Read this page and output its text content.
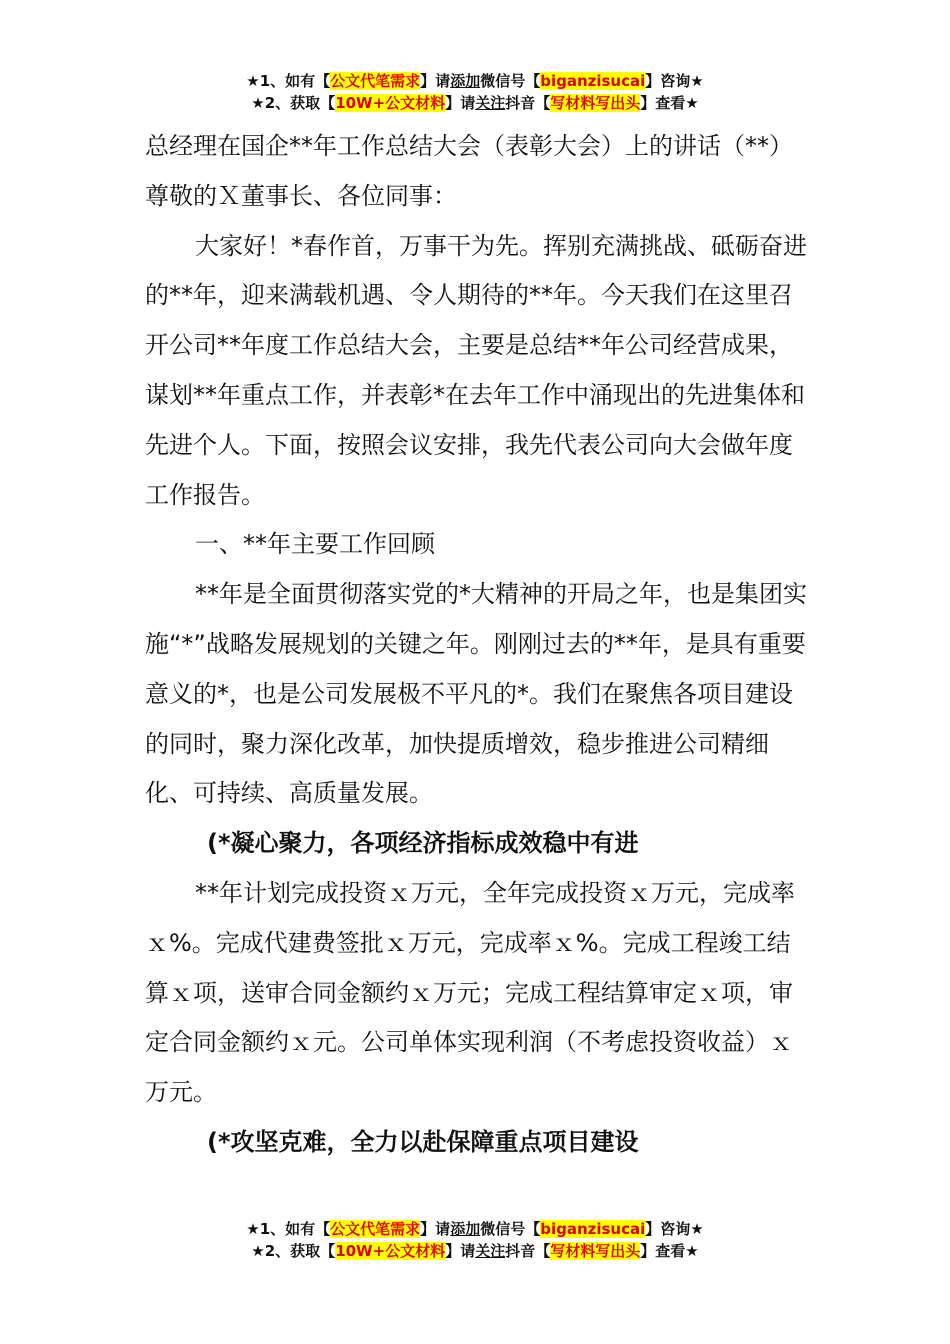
★1、如有【公文代笔需求】请添加微信号【biganzisucai】咨询★
★2、获取【10W+公文材料】请关注抖音【写材料写出头】查看★

总经理在国企**年工作总结大会（表彰大会）上的讲话（**）

尊敬的Ｘ董事长、各位同事：

大家好！*春作首，万事干为先。挥别充满挑战、砥砺奋进的**年，迎来满载机遇、令人期待的**年。今天我们在这里召开公司**年度工作总结大会，主要是总结**年公司经营成果，谋划**年重点工作，并表彰*在去年工作中涌现出的先进集体和先进个人。下面，按照会议安排，我先代表公司向大会做年度工作报告。

一、**年主要工作回顾

**年是全面贯彻落实党的*大精神的开局之年，也是集团实施“*”战略发展规划的关键之年。刚刚过去的**年，是具有重要意义的*，也是公司发展极不平凡的*。我们在聚焦各项目建设的同时，聚力深化改革，加快提质增效，稳步推进公司精细化、可持续、高质量发展。

(*凝心聚力，各项经济指标成效稳中有进

**年计划完成投资ｘ万元，全年完成投资ｘ万元，完成率ｘ%。完成代建费签批ｘ万元，完成率ｘ%。完成工程竣工结算ｘ项，送审合同金额约ｘ万元；完成工程结算审定ｘ项，审定合同金额约ｘ元。公司单体实现利润（不考虑投资收益）ｘ万元。

(*攻坚克难，全力以赴保障重点项目建设

★1、如有【公文代笔需求】请添加微信号【biganzisucai】咨询★
★2、获取【10W+公文材料】请关注抖音【写材料写出头】查看★
